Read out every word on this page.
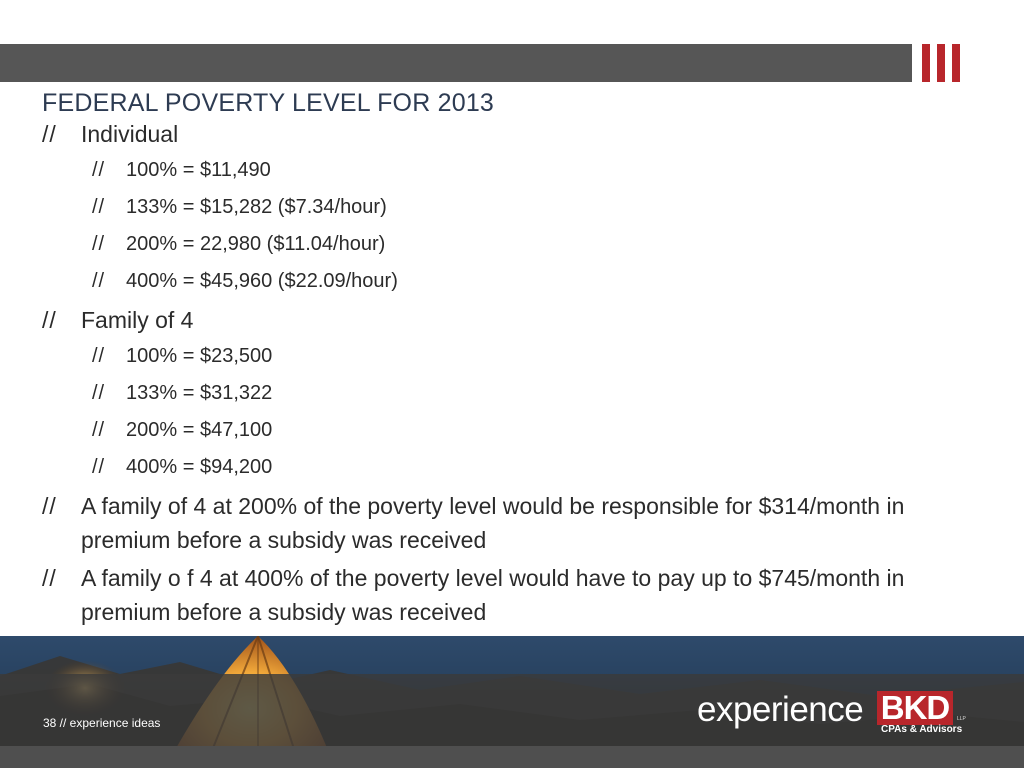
FEDERAL POVERTY LEVEL FOR 2013
// Individual
// 100% = $11,490
// 133% = $15,282 ($7.34/hour)
// 200% = 22,980 ($11.04/hour)
// 400% = $45,960 ($22.09/hour)
// Family of 4
// 100% = $23,500
// 133% = $31,322
// 200% = $47,100
// 400% = $94,200
// A family of 4 at 200% of the poverty level would be responsible for $314/month in premium before a subsidy was received
// A family o f 4 at 400% of the poverty level would have to pay up to $745/month in premium before a subsidy was received
38 // experience ideas	experience BKD	LLP
CPAs & Advisors
